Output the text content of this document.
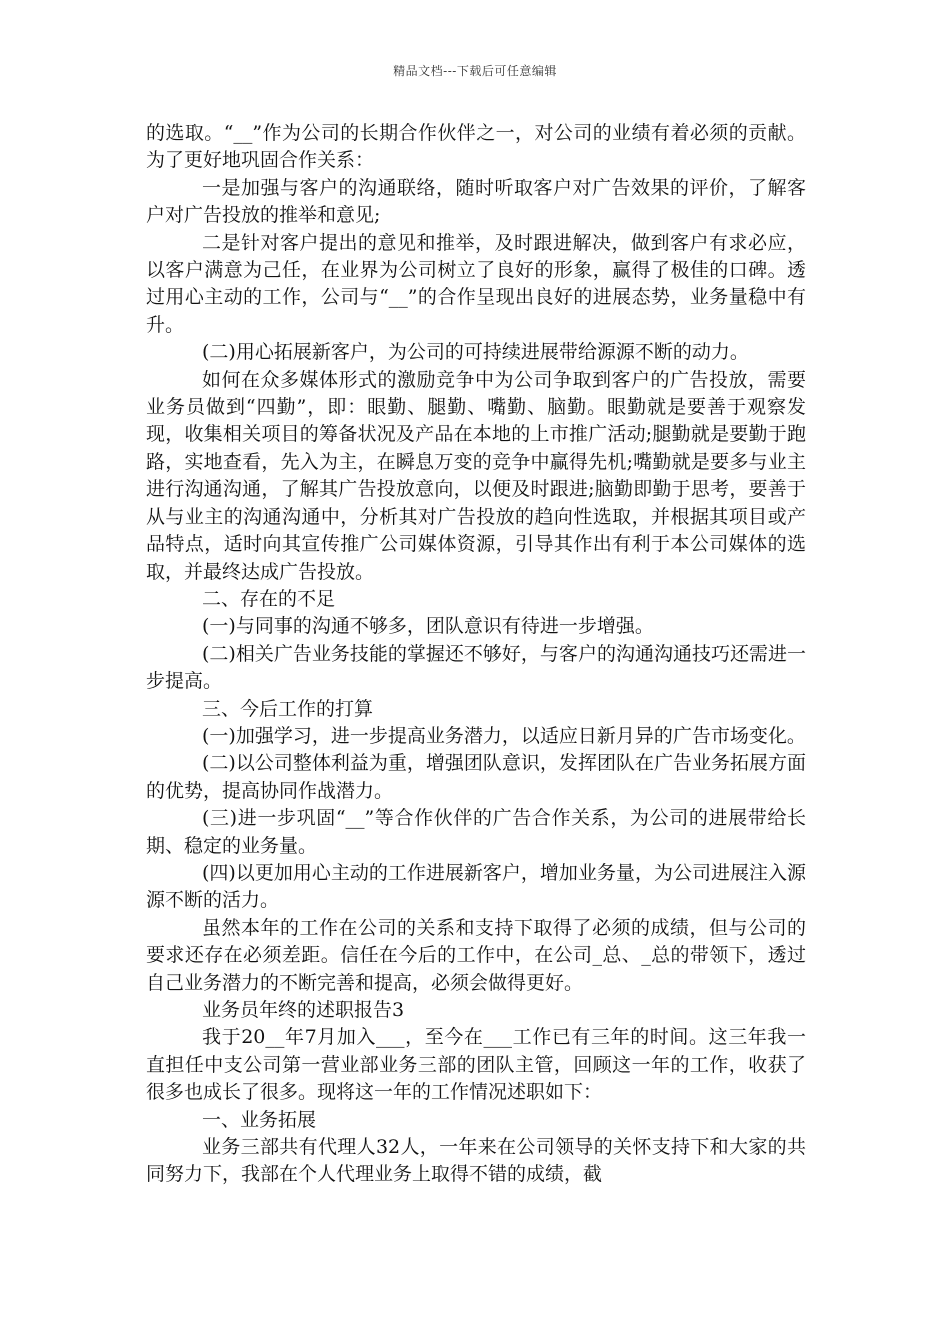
精品文档---下载后可任意编辑

的选取。“__”作为公司的长期合作伙伴之一，对公司的业绩有着必须的贡献。为了更好地巩固合作关系：

一是加强与客户的沟通联络，随时听取客户对广告效果的评价，了解客户对广告投放的推举和意见;

二是针对客户提出的意见和推举，及时跟进解决，做到客户有求必应，以客户满意为己任，在业界为公司树立了良好的形象，赢得了极佳的口碑。透过用心主动的工作，公司与“__”的合作呈现出良好的进展态势，业务量稳中有升。

(二)用心拓展新客户，为公司的可持续进展带给源源不断的动力。

如何在众多媒体形式的激励竞争中为公司争取到客户的广告投放，需要业务员做到“四勤”，即：眼勤、腿勤、嘴勤、脑勤。眼勤就是要善于观察发现，收集相关项目的筹备状况及产品在本地的上市推广活动;腿勤就是要勤于跑路，实地查看，先入为主，在瞬息万变的竞争中赢得先机;嘴勤就是要多与业主进行沟通沟通，了解其广告投放意向，以便及时跟进;脑勤即勤于思考，要善于从与业主的沟通沟通中，分析其对广告投放的趋向性选取，并根据其项目或产品特点，适时向其宣传推广公司媒体资源，引导其作出有利于本公司媒体的选取，并最终达成广告投放。

二、存在的不足

(一)与同事的沟通不够多，团队意识有待进一步增强。

(二)相关广告业务技能的掌握还不够好，与客户的沟通沟通技巧还需进一步提高。

三、今后工作的打算

(一)加强学习，进一步提高业务潜力，以适应日新月异的广告市场变化。

(二)以公司整体利益为重，增强团队意识，发挥团队在广告业务拓展方面的优势，提高协同作战潜力。

(三)进一步巩固“__”等合作伙伴的广告合作关系，为公司的进展带给长期、稳定的业务量。

(四)以更加用心主动的工作进展新客户，增加业务量，为公司进展注入源源不断的活力。

虽然本年的工作在公司的关系和支持下取得了必须的成绩，但与公司的要求还存在必须差距。信任在今后的工作中，在公司_总、_总的带领下，透过自己业务潜力的不断完善和提高，必须会做得更好。

业务员年终的述职报告3

我于20__年7月加入___，至今在___工作已有三年的时间。这三年我一直担任中支公司第一营业部业务三部的团队主管，回顾这一年的工作，收获了很多也成长了很多。现将这一年的工作情况述职如下：

一、业务拓展

业务三部共有代理人32人，一年来在公司领导的关怀支持下和大家的共同努力下，我部在个人代理业务上取得不错的成绩，截
